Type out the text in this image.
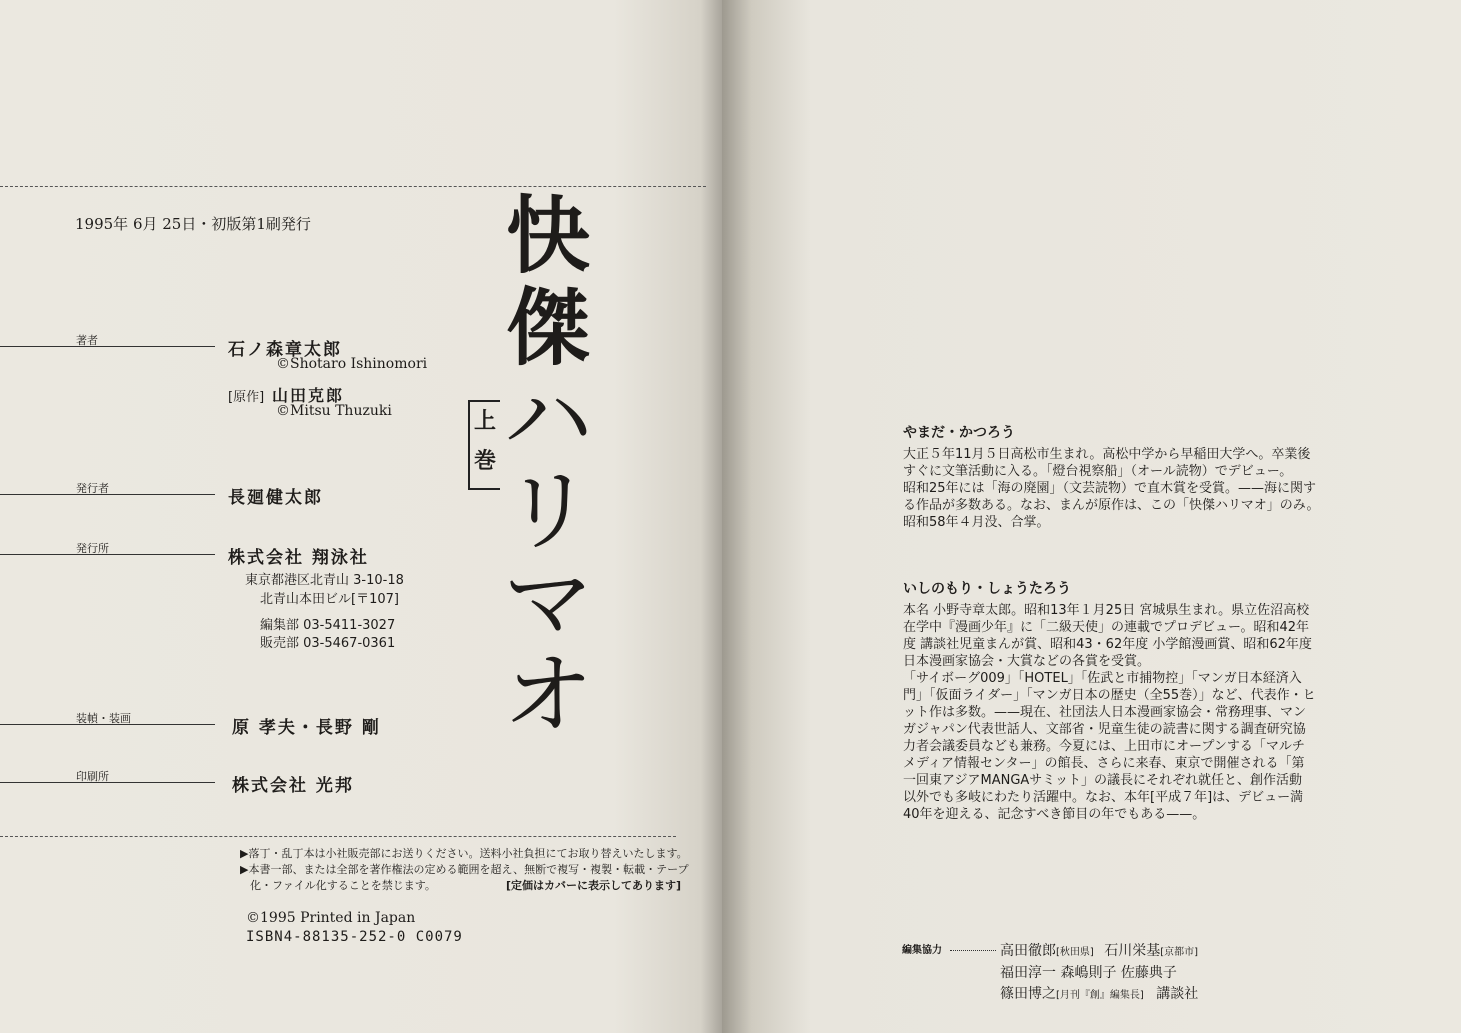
1995年 6月 25日・初版第1刷発行
著者	石ノ森章太郎
©Shotaro Ishinomori
[原作] 山田克郎
©Mitsu Thuzuki
発行者	長廻健太郎
発行所	株式会社 翔泳社
東京都港区北青山 3-10-18
北青山本田ビル[〒107]
編集部 03-5411-3027
販売部 03-5467-0361
装幀・装画	原 孝夫・長野 剛
印刷所	株式会社 光邦
快
傑
ハ
リ
マ
オ
上
巻
▶落丁・乱丁本は小社販売部にお送りください。送料小社負担にてお取り替えいたします。
▶本書一部、または全部を著作権法の定める範囲を超え、無断で複写・複製・転載・テープ
化・ファイル化することを禁じます。	[定価はカバーに表示してあります]
©1995 Printed in Japan
ISBN4-88135-252-0 C0079

やまだ・かつろう

大正５年11月５日高松市生まれ。高松中学から早稲田大学へ。卒業後

すぐに文筆活動に入る。「燈台視察船」（オール読物）でデビュー。

昭和25年には「海の廃園」（文芸読物）で直木賞を受賞。——海に関す

る作品が多数ある。なお、まんが原作は、この「快傑ハリマオ」のみ。

昭和58年４月没、合掌。

いしのもり・しょうたろう

本名 小野寺章太郎。昭和13年１月25日 宮城県生まれ。県立佐沼高校

在学中『漫画少年』に「二級天使」の連載でプロデビュー。昭和42年

度 講談社児童まんが賞、昭和43・62年度 小学館漫画賞、昭和62年度

日本漫画家協会・大賞などの各賞を受賞。

「サイボーグ009」「HOTEL」「佐武と市捕物控」「マンガ日本経済入

門」「仮面ライダー」「マンガ日本の歴史（全55巻）」など、代表作・ヒ

ット作は多数。——現在、社団法人日本漫画家協会・常務理事、マン

ガジャパン代表世話人、文部省・児童生徒の読書に関する調査研究協

力者会議委員なども兼務。今夏には、上田市にオープンする「マルチ

メディア情報センター」の館長、さらに来春、東京で開催される「第

一回東アジアMANGAサミット」の議長にそれぞれ就任と、創作活動

以外でも多岐にわたり活躍中。なお、本年[平成７年]は、デビュー満

40年を迎える、記念すべき節目の年でもある——。

編集協力	高田徹郎[秋田県] 石川栄基[京都市]
福田淳一 森嶋則子 佐藤典子
篠田博之[月刊『創』編集長] 講談社
